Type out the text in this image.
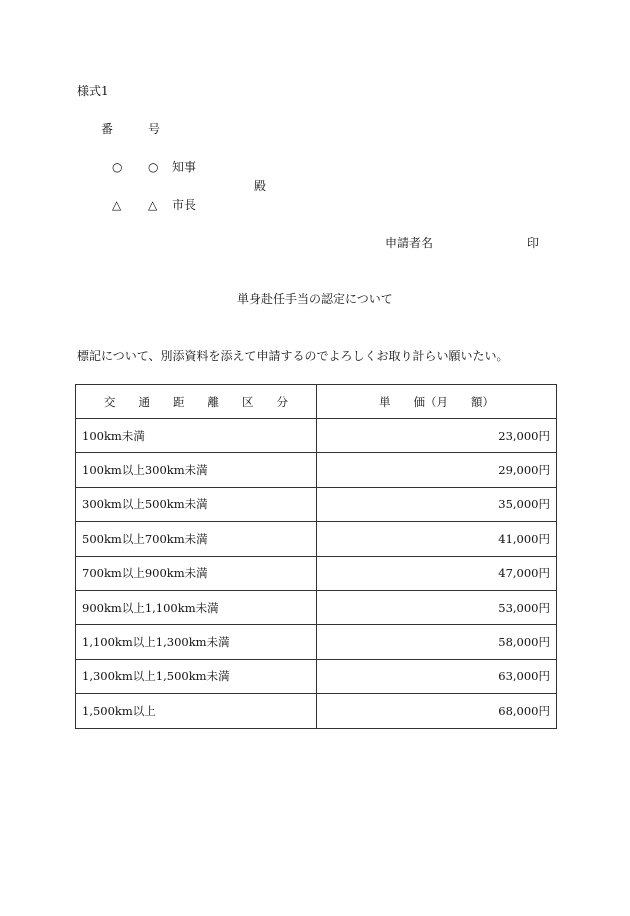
様式1
番	号
○ ○ 知事
殿
△ △ 市長
申請者名	印
単身赴任手当の認定について
標記について、別添資料を添えて申請するのでよろしくお取り計らい願いたい。
交　　通　　距　　離　　区　　分	単　　価（月　　額）
100km未満	23,000円
100km以上300km未満	29,000円
300km以上500km未満	35,000円
500km以上700km未満	41,000円
700km以上900km未満	47,000円
900km以上1,100km未満	53,000円
1,100km以上1,300km未満	58,000円
1,300km以上1,500km未満	63,000円
1,500km以上	68,000円
